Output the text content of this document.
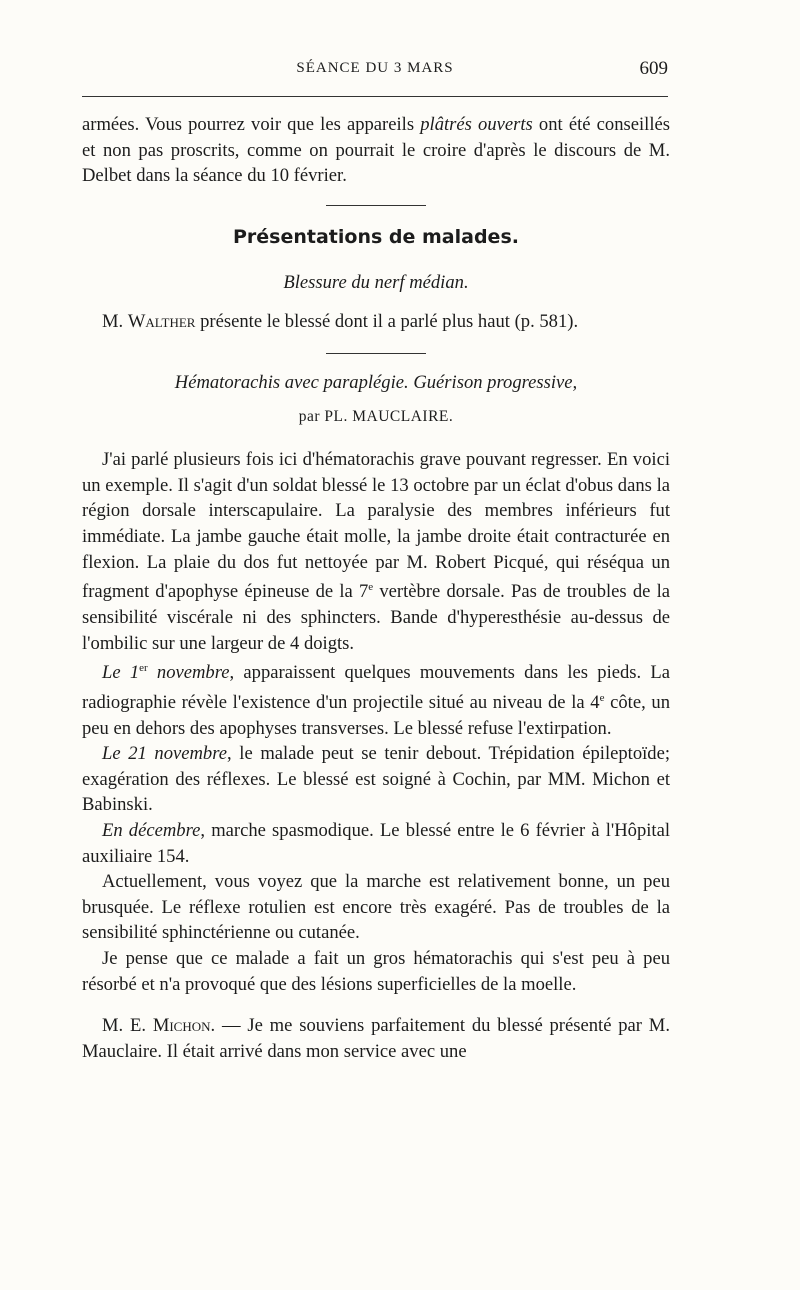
SÉANCE DU 3 MARS	609

armées. Vous pourrez voir que les appareils plâtrés ouverts ont été conseillés et non pas proscrits, comme on pourrait le croire d'après le discours de M. Delbet dans la séance du 10 février.

Présentations de malades.
Blessure du nerf médian.

M. Walther présente le blessé dont il a parlé plus haut (p. 581).

Hématorachis avec paraplégie. Guérison progressive,
par PL. MAUCLAIRE.

J'ai parlé plusieurs fois ici d'hématorachis grave pouvant regresser. En voici un exemple. Il s'agit d'un soldat blessé le 13 octobre par un éclat d'obus dans la région dorsale interscapulaire. La paralysie des membres inférieurs fut immédiate. La jambe gauche était molle, la jambe droite était contracturée en flexion. La plaie du dos fut nettoyée par M. Robert Picqué, qui réséqua un fragment d'apophyse épineuse de la 7e vertèbre dorsale. Pas de troubles de la sensibilité viscérale ni des sphincters. Bande d'hyperesthésie au-dessus de l'ombilic sur une largeur de 4 doigts.

Le 1er novembre, apparaissent quelques mouvements dans les pieds. La radiographie révèle l'existence d'un projectile situé au niveau de la 4e côte, un peu en dehors des apophyses transverses. Le blessé refuse l'extirpation.

Le 21 novembre, le malade peut se tenir debout. Trépidation épileptoïde; exagération des réflexes. Le blessé est soigné à Cochin, par MM. Michon et Babinski.

En décembre, marche spasmodique. Le blessé entre le 6 février à l'Hôpital auxiliaire 154.

Actuellement, vous voyez que la marche est relativement bonne, un peu brusquée. Le réflexe rotulien est encore très exagéré. Pas de troubles de la sensibilité sphinctérienne ou cutanée.

Je pense que ce malade a fait un gros hématorachis qui s'est peu à peu résorbé et n'a provoqué que des lésions superficielles de la moelle.

M. E. Michon. — Je me souviens parfaitement du blessé présenté par M. Mauclaire. Il était arrivé dans mon service avec une
